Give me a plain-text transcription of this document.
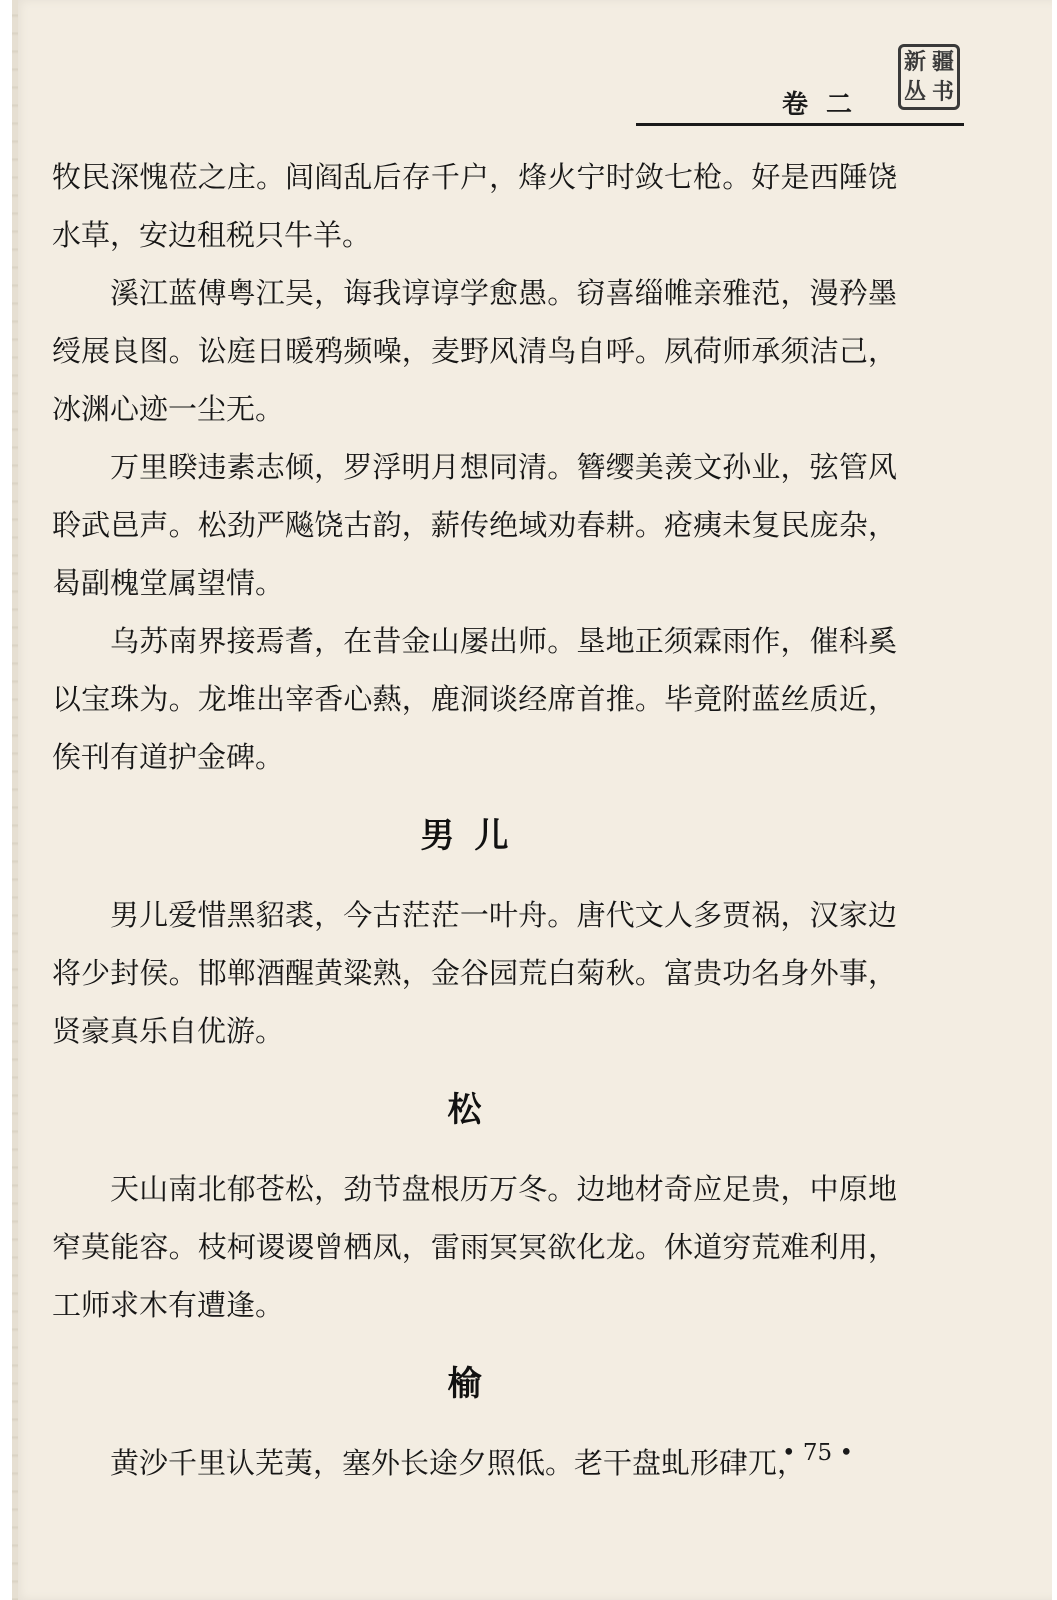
卷二
新 疆
丛 书

牧民深愧莅之庄。闾阎乱后存千户，烽火宁时敛七枪。好是西陲饶水草，安边租税只牛羊。

溪江蓝傅粤江吴，诲我谆谆学愈愚。窃喜缁帷亲雅范，漫矜墨绶展良图。讼庭日暖鸦频噪，麦野风清鸟自呼。夙荷师承须洁己，冰渊心迹一尘无。

万里睽违素志倾，罗浮明月想同清。簪缨美羡文孙业，弦管风聆武邑声。松劲严飚饶古韵，薪传绝域劝春耕。疮痍未复民庞杂，曷副槐堂属望情。

乌苏南界接焉耆，在昔金山屡出师。垦地正须霖雨作，催科奚以宝珠为。龙堆出宰香心爇，鹿洞谈经席首推。毕竟附蓝丝质近，俟刊有道护金碑。

男儿

男儿爱惜黑貂裘，今古茫茫一叶舟。唐代文人多贾祸，汉家边将少封侯。邯郸酒醒黄粱熟，金谷园荒白菊秋。富贵功名身外事，贤豪真乐自优游。

松

天山南北郁苍松，劲节盘根历万冬。边地材奇应足贵，中原地窄莫能容。枝柯谡谡曾栖凤，雷雨冥冥欲化龙。休道穷荒难利用，工师求木有遭逢。

榆

黄沙千里认芜荑，塞外长途夕照低。老干盘虬形硉兀，

• 75 •
